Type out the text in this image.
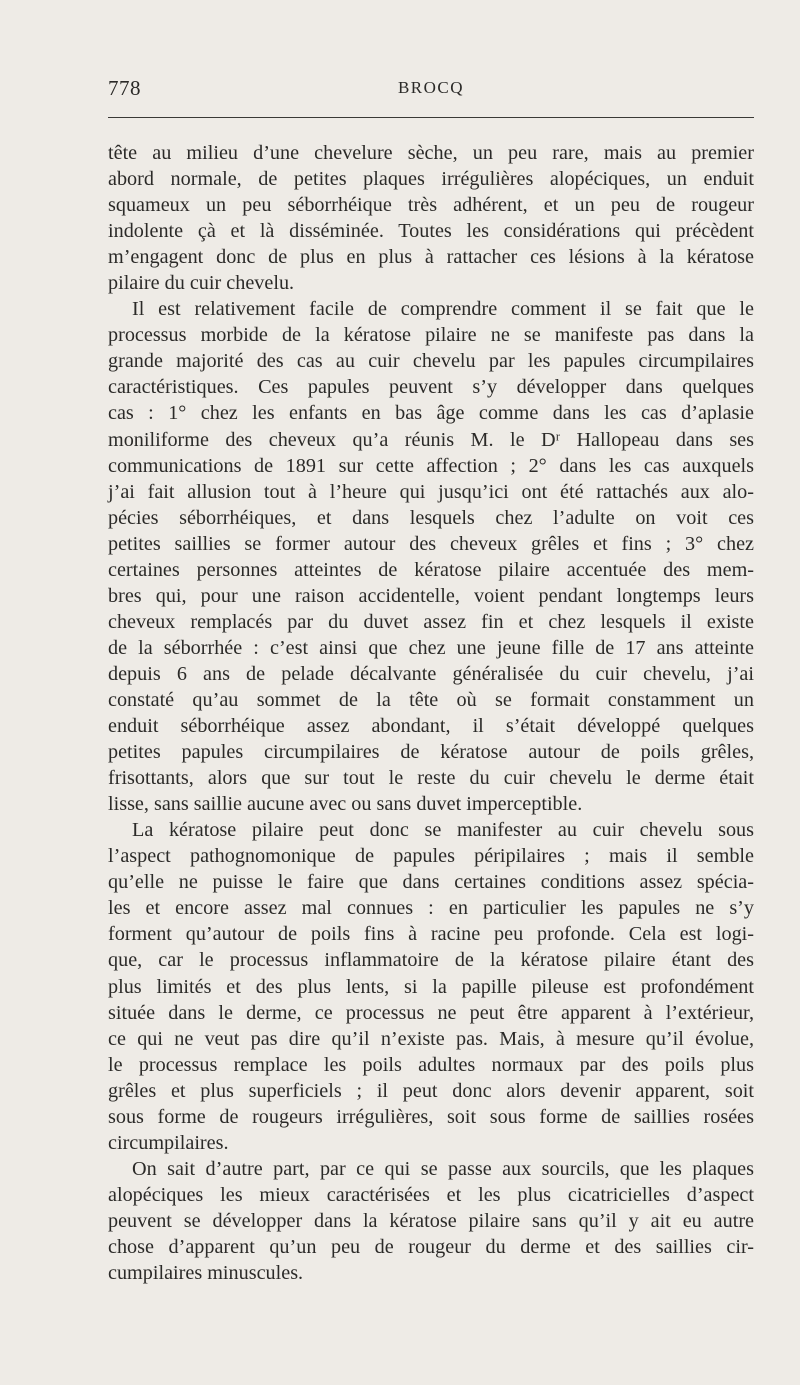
778	BROCQ
tête au milieu d’une chevelure sèche, un peu rare, mais au premier
abord normale, de petites plaques irrégulières alopéciques, un enduit
squameux un peu séborrhéique très adhérent, et un peu de rougeur
indolente çà et là disséminée. Toutes les considérations qui précèdent
m’engagent donc de plus en plus à rattacher ces lésions à la kératose
pilaire du cuir chevelu.
Il est relativement facile de comprendre comment il se fait que le
processus morbide de la kératose pilaire ne se manifeste pas dans la
grande majorité des cas au cuir chevelu par les papules circumpilaires
caractéristiques. Ces papules peuvent s’y développer dans quelques
cas : 1° chez les enfants en bas âge comme dans les cas d’aplasie
moniliforme des cheveux qu’a réunis M. le Dʳ Hallopeau dans ses
communications de 1891 sur cette affection ; 2° dans les cas auxquels
j’ai fait allusion tout à l’heure qui jusqu’ici ont été rattachés aux alo-
pécies séborrhéiques, et dans lesquels chez l’adulte on voit ces
petites saillies se former autour des cheveux grêles et fins ; 3° chez
certaines personnes atteintes de kératose pilaire accentuée des mem-
bres qui, pour une raison accidentelle, voient pendant longtemps leurs
cheveux remplacés par du duvet assez fin et chez lesquels il existe
de la séborrhée : c’est ainsi que chez une jeune fille de 17 ans atteinte
depuis 6 ans de pelade décalvante généralisée du cuir chevelu, j’ai
constaté qu’au sommet de la tête où se formait constamment un
enduit séborrhéique assez abondant, il s’était développé quelques
petites papules circumpilaires de kératose autour de poils grêles,
frisottants, alors que sur tout le reste du cuir chevelu le derme était
lisse, sans saillie aucune avec ou sans duvet imperceptible.
La kératose pilaire peut donc se manifester au cuir chevelu sous
l’aspect pathognomonique de papules péripilaires ; mais il semble
qu’elle ne puisse le faire que dans certaines conditions assez spécia-
les et encore assez mal connues : en particulier les papules ne s’y
forment qu’autour de poils fins à racine peu profonde. Cela est logi-
que, car le processus inflammatoire de la kératose pilaire étant des
plus limités et des plus lents, si la papille pileuse est profondément
située dans le derme, ce processus ne peut être apparent à l’extérieur,
ce qui ne veut pas dire qu’il n’existe pas. Mais, à mesure qu’il évolue,
le processus remplace les poils adultes normaux par des poils plus
grêles et plus superficiels ; il peut donc alors devenir apparent, soit
sous forme de rougeurs irrégulières, soit sous forme de saillies rosées
circumpilaires.
On sait d’autre part, par ce qui se passe aux sourcils, que les plaques
alopéciques les mieux caractérisées et les plus cicatricielles d’aspect
peuvent se développer dans la kératose pilaire sans qu’il y ait eu autre
chose d’apparent qu’un peu de rougeur du derme et des saillies cir-
cumpilaires minuscules.
